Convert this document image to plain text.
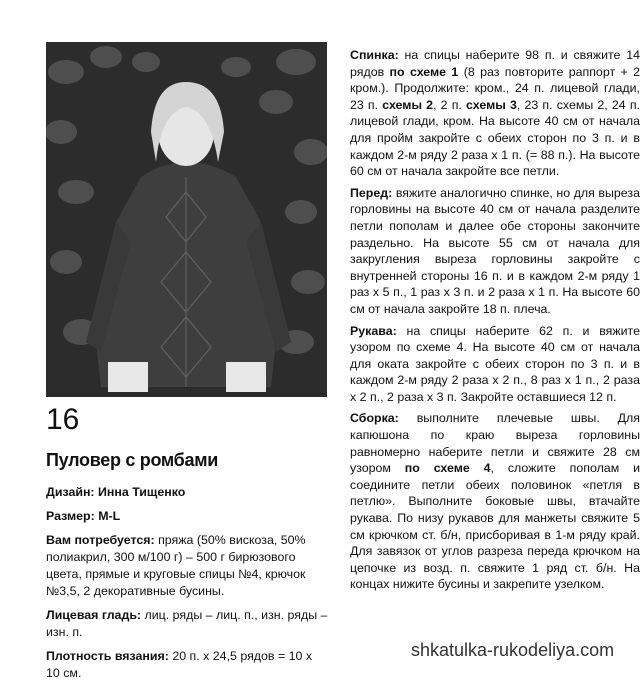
16
Пуловер с ромбами

Дизайн: Инна Тищенко

Размер: M-L

Вам потребуется: пряжа (50% вискоза, 50% полиакрил, 300 м/100 г) – 500 г бирюзового цвета, прямые и круговые спицы №4, крючок №3,5, 2 декоративные бусины.

Лицевая гладь: лиц. ряды – лиц. п., изн. ряды – изн. п.

Плотность вязания: 20 п. х 24,5 рядов = 10 х 10 см.

Спинка: на спицы наберите 98 п. и свяжите 14 рядов по схеме 1 (8 раз повторите раппорт + 2 кром.). Продолжите: кром., 24 п. лицевой глади, 23 п. схемы 2, 2 п. схемы 3, 23 п. схемы 2, 24 п. лицевой глади, кром. На высоте 40 см от начала для пройм закройте с обеих сторон по 3 п. и в каждом 2-м ряду 2 раза х 1 п. (= 88 п.). На высоте 60 см от начала закройте все петли.

Перед: вяжите аналогично спинке, но для выреза горловины на высоте 40 см от начала разделите петли пополам и далее обе стороны закончите раздельно. На высоте 55 см от начала для закругления выреза горловины закройте с внутренней стороны 16 п. и в каждом 2-м ряду 1 раз х 5 п., 1 раз х 3 п. и 2 раза х 1 п. На высоте 60 см от начала закройте 18 п. плеча.

Рукава: на спицы наберите 62 п. и вяжите узором по схеме 4. На высоте 40 см от начала для оката закройте с обеих сторон по 3 п. и в каждом 2-м ряду 2 раза х 2 п., 8 раз х 1 п., 2 раза х 2 п., 2 раза х 3 п. Закройте оставшиеся 12 п.

Сборка: выполните плечевые швы. Для капюшона по краю выреза горловины равномерно наберите петли и свяжите 28 см узором по схеме 4, сложите пополам и соедините петли обеих половинок «петля в петлю». Выполните боковые швы, втачайте рукава. По низу рукавов для манжеты свяжите 5 см крючком ст. б/н, присборивая в 1-м ряду край. Для завязок от углов разреза переда крючком на цепочке из возд. п. свяжите 1 ряд ст. б/н. На концах нижите бусины и закрепите узелком.

shkatulka-rukodeliya.com
